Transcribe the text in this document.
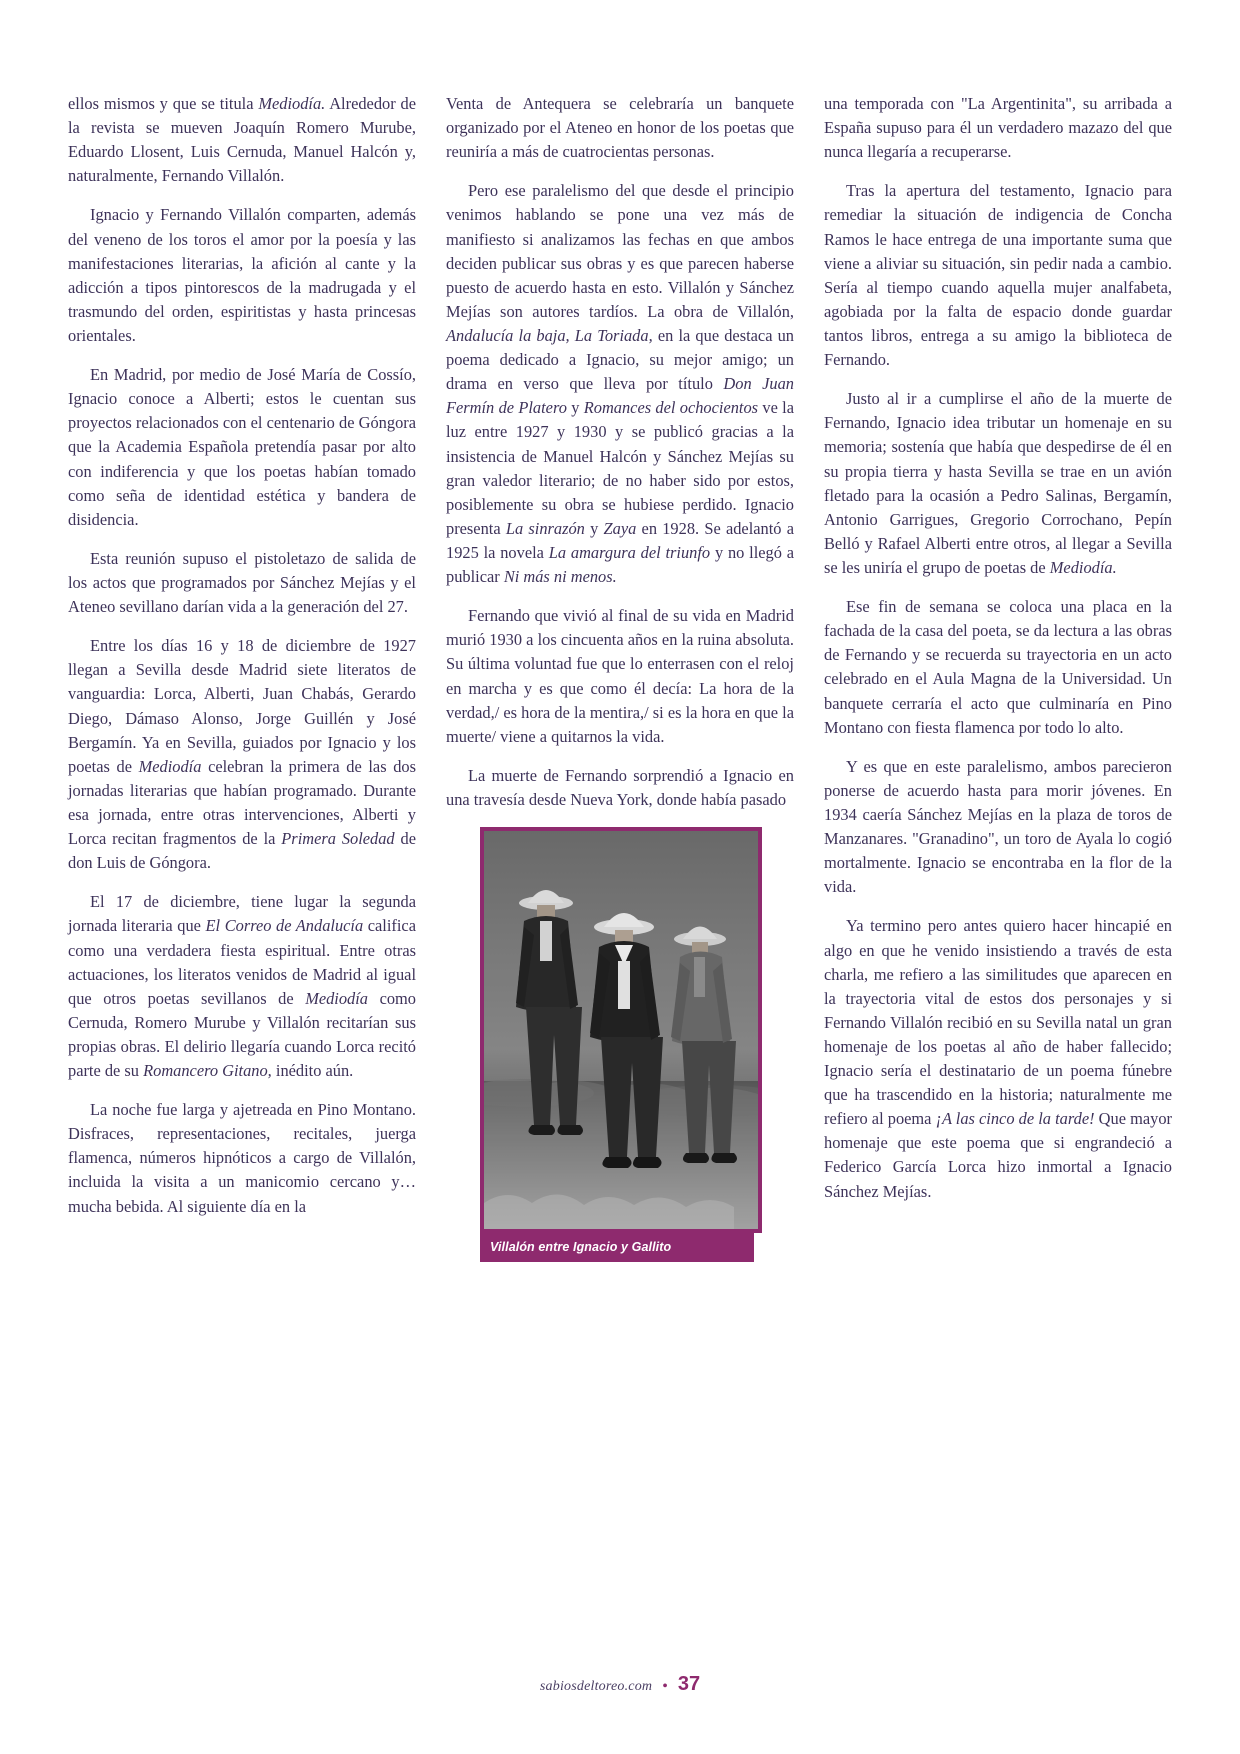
ellos mismos y que se titula Mediodía. Alrededor de la revista se mueven Joaquín Romero Murube, Eduardo Llosent, Luis Cernuda, Manuel Halcón y, naturalmente, Fernando Villalón.

Ignacio y Fernando Villalón comparten, además del veneno de los toros el amor por la poesía y las manifestaciones literarias, la afición al cante y la adicción a tipos pintorescos de la madrugada y el trasmundo del orden, espiritistas y hasta princesas orientales.

En Madrid, por medio de José María de Cossío, Ignacio conoce a Alberti; estos le cuentan sus proyectos relacionados con el centenario de Góngora que la Academia Española pretendía pasar por alto con indiferencia y que los poetas habían tomado como seña de identidad estética y bandera de disidencia.

Esta reunión supuso el pistoletazo de salida de los actos que programados por Sánchez Mejías y el Ateneo sevillano darían vida a la generación del 27.

Entre los días 16 y 18 de diciembre de 1927 llegan a Sevilla desde Madrid siete literatos de vanguardia: Lorca, Alberti, Juan Chabás, Gerardo Diego, Dámaso Alonso, Jorge Guillén y José Bergamín. Ya en Sevilla, guiados por Ignacio y los poetas de Mediodía celebran la primera de las dos jornadas literarias que habían programado. Durante esa jornada, entre otras intervenciones, Alberti y Lorca recitan fragmentos de la Primera Soledad de don Luis de Góngora.

El 17 de diciembre, tiene lugar la segunda jornada literaria que El Correo de Andalucía califica como una verdadera fiesta espiritual. Entre otras actuaciones, los literatos venidos de Madrid al igual que otros poetas sevillanos de Mediodía como Cernuda, Romero Murube y Villalón recitarían sus propias obras. El delirio llegaría cuando Lorca recitó parte de su Romancero Gitano, inédito aún.

La noche fue larga y ajetreada en Pino Montano. Disfraces, representaciones, recitales, juerga flamenca, números hipnóticos a cargo de Villalón, incluida la visita a un manicomio cercano y… mucha bebida. Al siguiente día en la

Venta de Antequera se celebraría un banquete organizado por el Ateneo en honor de los poetas que reuniría a más de cuatrocientas personas.

Pero ese paralelismo del que desde el principio venimos hablando se pone una vez más de manifiesto si analizamos las fechas en que ambos deciden publicar sus obras y es que parecen haberse puesto de acuerdo hasta en esto. Villalón y Sánchez Mejías son autores tardíos. La obra de Villalón, Andalucía la baja, La Toriada, en la que destaca un poema dedicado a Ignacio, su mejor amigo; un drama en verso que lleva por título Don Juan Fermín de Platero y Romances del ochocientos ve la luz entre 1927 y 1930 y se publicó gracias a la insistencia de Manuel Halcón y Sánchez Mejías su gran valedor literario; de no haber sido por estos, posiblemente su obra se hubiese perdido. Ignacio presenta La sinrazón y Zaya en 1928. Se adelantó a 1925 la novela La amargura del triunfo y no llegó a publicar Ni más ni menos.

Fernando que vivió al final de su vida en Madrid murió 1930 a los cincuenta años en la ruina absoluta. Su última voluntad fue que lo enterrasen con el reloj en marcha y es que como él decía: La hora de la verdad,/ es hora de la mentira,/ si es la hora en que la muerte/ viene a quitarnos la vida.

La muerte de Fernando sorprendió a Ignacio en una travesía desde Nueva York, donde había pasado

Villalón entre Ignacio y Gallito

una temporada con "La Argentinita", su arribada a España supuso para él un verdadero mazazo del que nunca llegaría a recuperarse.

Tras la apertura del testamento, Ignacio para remediar la situación de indigencia de Concha Ramos le hace entrega de una importante suma que viene a aliviar su situación, sin pedir nada a cambio. Sería al tiempo cuando aquella mujer analfabeta, agobiada por la falta de espacio donde guardar tantos libros, entrega a su amigo la biblioteca de Fernando.

Justo al ir a cumplirse el año de la muerte de Fernando, Ignacio idea tributar un homenaje en su memoria; sostenía que había que despedirse de él en su propia tierra y hasta Sevilla se trae en un avión fletado para la ocasión a Pedro Salinas, Bergamín, Antonio Garrigues, Gregorio Corrochano, Pepín Belló y Rafael Alberti entre otros, al llegar a Sevilla se les uniría el grupo de poetas de Mediodía.

Ese fin de semana se coloca una placa en la fachada de la casa del poeta, se da lectura a las obras de Fernando y se recuerda su trayectoria en un acto celebrado en el Aula Magna de la Universidad. Un banquete cerraría el acto que culminaría en Pino Montano con fiesta flamenca por todo lo alto.

Y es que en este paralelismo, ambos parecieron ponerse de acuerdo hasta para morir jóvenes. En 1934 caería Sánchez Mejías en la plaza de toros de Manzanares. "Granadino", un toro de Ayala lo cogió mortalmente. Ignacio se encontraba en la flor de la vida.

Ya termino pero antes quiero hacer hincapié en algo en que he venido insistiendo a través de esta charla, me refiero a las similitudes que aparecen en la trayectoria vital de estos dos personajes y si Fernando Villalón recibió en su Sevilla natal un gran homenaje de los poetas al año de haber fallecido; Ignacio sería el destinatario de un poema fúnebre que ha trascendido en la historia; naturalmente me refiero al poema ¡A las cinco de la tarde! Que mayor homenaje que este poema que si engrandeció a Federico García Lorca hizo inmortal a Ignacio Sánchez Mejías.

sabiosdeltoreo.com • 37
